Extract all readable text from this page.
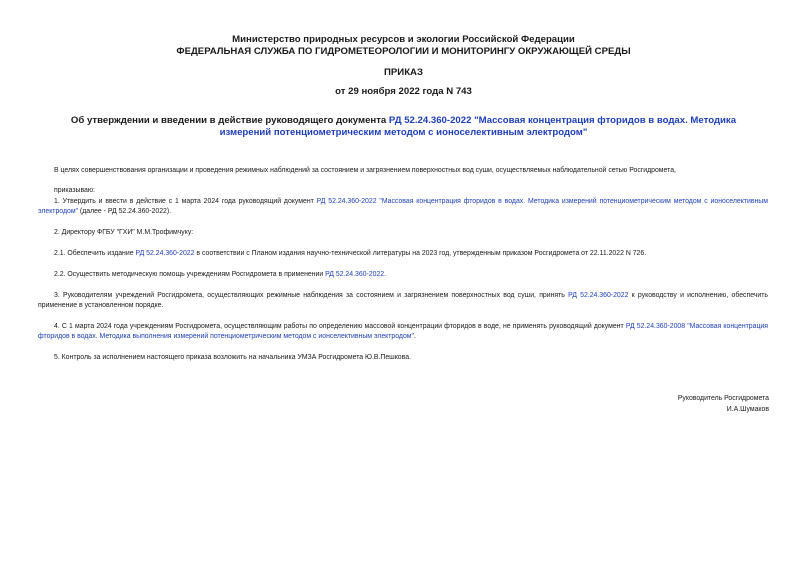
Министерство природных ресурсов и экологии Российской Федерации
ФЕДЕРАЛЬНАЯ СЛУЖБА ПО ГИДРОМЕТЕОРОЛОГИИ И МОНИТОРИНГУ ОКРУЖАЮЩЕЙ СРЕДЫ
ПРИКАЗ
от 29 ноября 2022 года N 743
Об утверждении и введении в действие руководящего документа РД 52.24.360-2022 "Массовая концентрация фторидов в водах. Методика измерений потенциометрическим методом с ионоселективным электродом"
В целях совершенствования организации и проведения режимных наблюдений за состоянием и загрязнением поверхностных вод суши, осуществляемых наблюдательной сетью Росгидромета,
приказываю:
1. Утвердить и ввести в действие с 1 марта 2024 года руководящий документ РД 52.24.360-2022 "Массовая концентрация фторидов в водах. Методика измерений потенциометрическим методом с ионоселективным электродом" (далее - РД 52.24.360-2022).
2. Директору ФГБУ "ГХИ" М.М.Трофимчуку:
2.1. Обеспечить издание РД 52.24.360-2022 в соответствии с Планом издания научно-технической литературы на 2023 год, утвержденным приказом Росгидромета от 22.11.2022 N 726.
2.2. Осуществить методическую помощь учреждениям Росгидромета в применении РД 52.24.360-2022.
3. Руководителям учреждений Росгидромета, осуществляющих режимные наблюдения за состоянием и загрязнением поверхностных вод суши, принять РД 52.24.360-2022 к руководству и исполнению, обеспечить применение в установленном порядке.
4. С 1 марта 2024 года учреждениям Росгидромета, осуществляющим работы по определению массовой концентрации фторидов в воде, не применять руководящий документ РД 52.24.360-2008 "Массовая концентрация фторидов в водах. Методика выполнения измерений потенциометрическим методом с ионселективным электродом".
5. Контроль за исполнением настоящего приказа возложить на начальника УМЗА Росгидромета Ю.В.Пешкова.
Руководитель Росгидромета
И.А.Шумаков
